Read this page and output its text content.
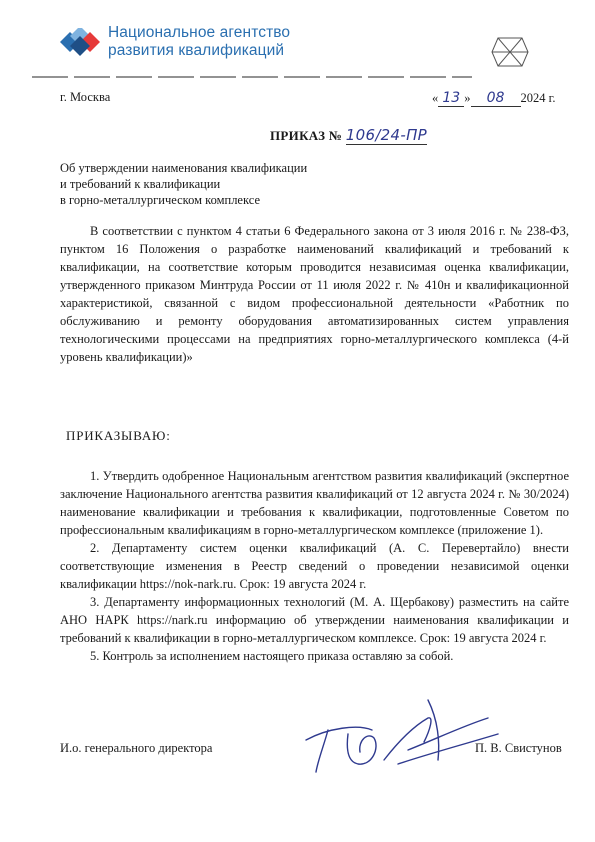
Национальное агентство
развития квалификаций
г. Москва	« 13 » 08 2024 г.
ПРИКАЗ № 106/24-ПР
Об утверждении наименования квалификации
и требований к квалификации
в горно-металлургическом комплексе
В соответствии с пунктом 4 статьи 6 Федерального закона от 3 июля 2016 г. № 238-ФЗ, пунктом 16 Положения о разработке наименований квалификаций и требований к квалификации, на соответствие которым проводится независимая оценка квалификации, утвержденного приказом Минтруда России от 11 июля 2022 г. № 410н и квалификационной характеристикой, связанной с видом профессиональной деятельности «Работник по обслуживанию и ремонту оборудования автоматизированных систем управления технологическими процессами на предприятиях горно-металлургического комплекса (4-й уровень квалификации)»
ПРИКАЗЫВАЮ:

1. Утвердить одобренное Национальным агентством развития квалификаций (экспертное заключение Национального агентства развития квалификаций от 12 августа 2024 г. № 30/2024) наименование квалификации и требования к квалификации, подготовленные Советом по профессиональным квалификациям в горно-металлургическом комплексе (приложение 1).

2. Департаменту систем оценки квалификаций (А. С. Перевертайло) внести соответствующие изменения в Реестр сведений о проведении независимой оценки квалификации https://nok-nark.ru. Срок: 19 августа 2024 г.

3. Департаменту информационных технологий (М. А. Щербакову) разместить на сайте АНО НАРК https://nark.ru информацию об утверждении наименования квалификации и требований к квалификации в горно-металлургическом комплексе. Срок: 19 августа 2024 г.

5. Контроль за исполнением настоящего приказа оставляю за собой.

И.о. генерального директора	П. В. Свистунов
